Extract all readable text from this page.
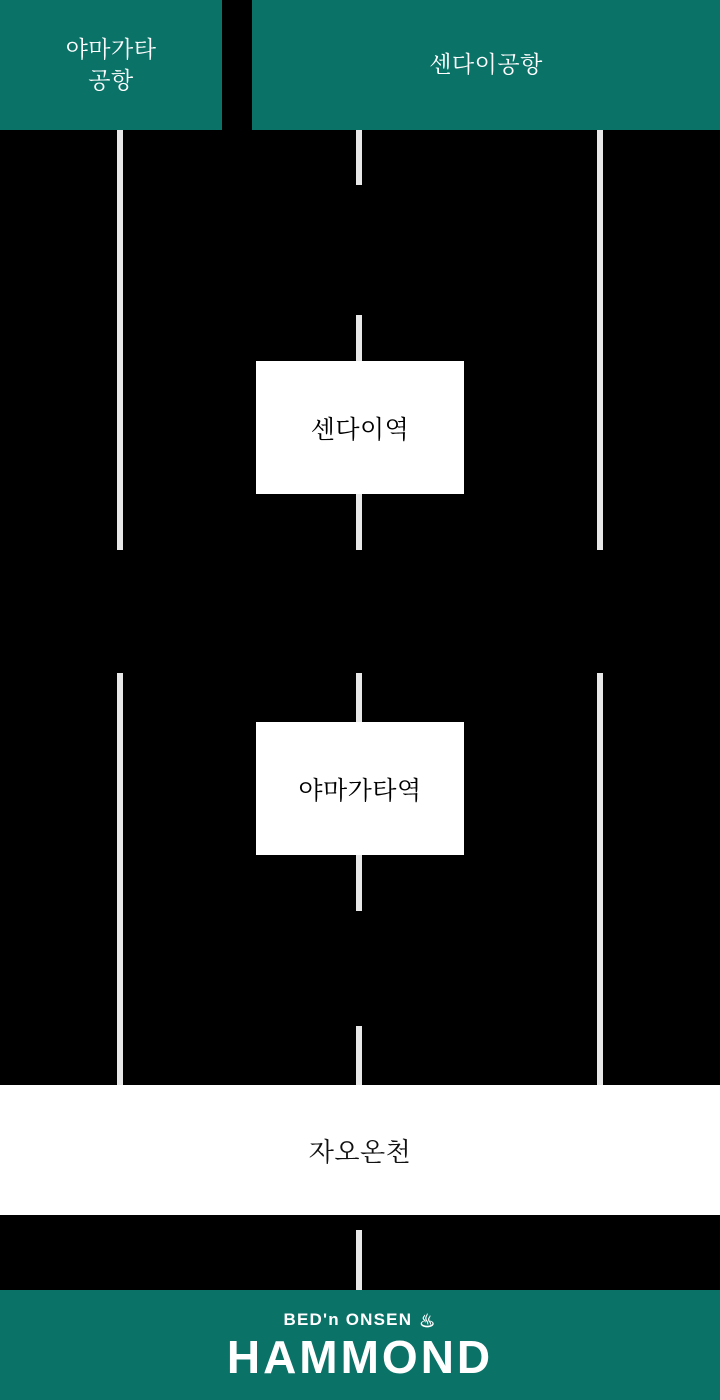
야마가타
공항
센다이공항
센다이역
야마가타역
자오온천
BED'n ONSEN ♨
HAMMOND
